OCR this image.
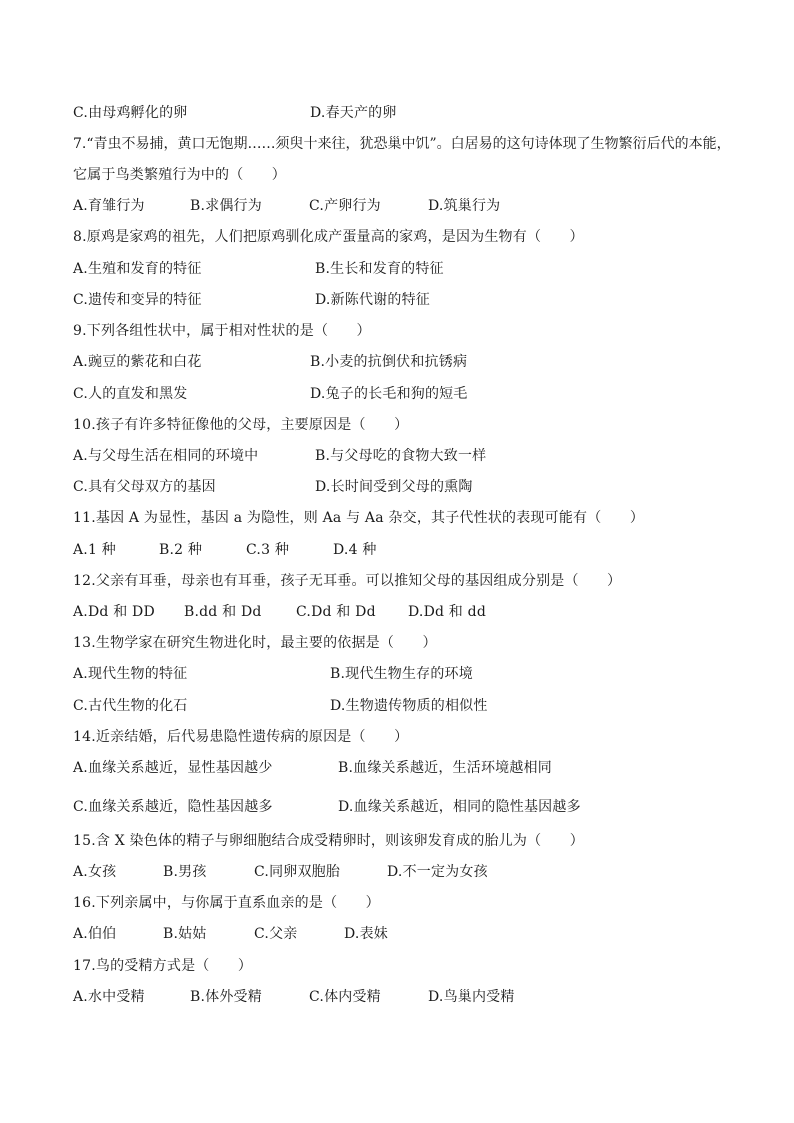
C.由母鸡孵化的卵	D.春天产的卵
7.“青虫不易捕，黄口无饱期……须臾十来往，犹恐巢中饥”。白居易的这句诗体现了生物繁衍后代的本能，
它属于鸟类繁殖行为中的（　　）
A.育雏行为	B.求偶行为	C.产卵行为	D.筑巢行为
8.原鸡是家鸡的祖先，人们把原鸡驯化成产蛋量高的家鸡，是因为生物有（　　）
A.生殖和发育的特征	B.生长和发育的特征
C.遗传和变异的特征	D.新陈代谢的特征
9.下列各组性状中，属于相对性状的是（　　）
A.豌豆的紫花和白花	B.小麦的抗倒伏和抗锈病
C.人的直发和黑发	D.兔子的长毛和狗的短毛
10.孩子有许多特征像他的父母，主要原因是（　　）
A.与父母生活在相同的环境中	B.与父母吃的食物大致一样
C.具有父母双方的基因	D.长时间受到父母的熏陶
11.基因 A 为显性，基因 a 为隐性，则 Aa 与 Aa 杂交，其子代性状的表现可能有（　　）
A.1 种	B.2 种	C.3 种	D.4 种
12.父亲有耳垂，母亲也有耳垂，孩子无耳垂。可以推知父母的基因组成分别是（　　）
A.Dd 和 DD B.dd 和 Dd C.Dd 和 Dd D.Dd 和 dd
13.生物学家在研究生物进化时，最主要的依据是（　　）
A.现代生物的特征	B.现代生物生存的环境
C.古代生物的化石	D.生物遗传物质的相似性
14.近亲结婚，后代易患隐性遗传病的原因是（　　）
A.血缘关系越近，显性基因越少	B.血缘关系越近，生活环境越相同
C.血缘关系越近，隐性基因越多	D.血缘关系越近，相同的隐性基因越多
15.含 X 染色体的精子与卵细胞结合成受精卵时，则该卵发育成的胎儿为（　　）
A.女孩	B.男孩	C.同卵双胞胎	D.不一定为女孩
16.下列亲属中，与你属于直系血亲的是（　　）
A.伯伯	B.姑姑	C.父亲	D.表妹
17.鸟的受精方式是（　　）
A.水中受精	B.体外受精	C.体内受精	D.鸟巢内受精
